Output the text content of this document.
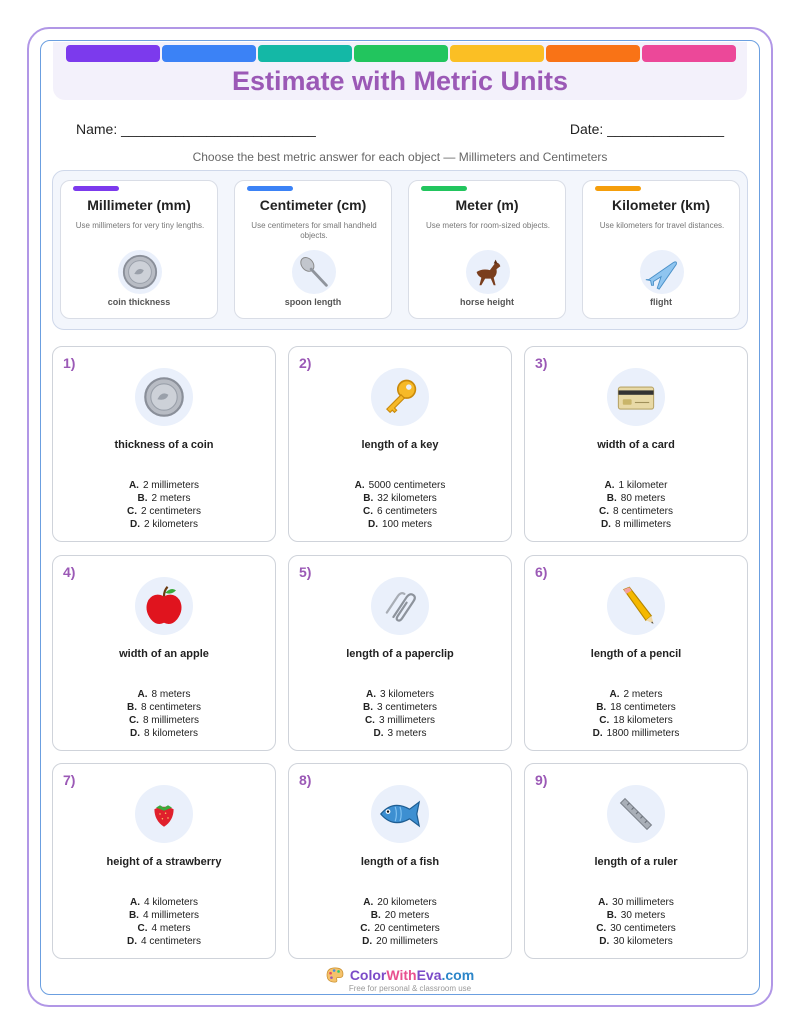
Estimate with Metric Units
Name: _________________________	Date: _______________
Choose the best metric answer for each object — Millimeters and Centimeters
Millimeter (mm)
Use millimeters for very tiny lengths.
coin thickness
Centimeter (cm)
Use centimeters for small handheld objects.
spoon length
Meter (m)
Use meters for room-sized objects.
horse height
Kilometer (km)
Use kilometers for travel distances.
flight
1)
thickness of a coin
A. 2 millimeters
B. 2 meters
C. 2 centimeters
D. 2 kilometers
2)
length of a key
A. 5000 centimeters
B. 32 kilometers
C. 6 centimeters
D. 100 meters
3)
width of a card
A. 1 kilometer
B. 80 meters
C. 8 centimeters
D. 8 millimeters
4)
width of an apple
A. 8 meters
B. 8 centimeters
C. 8 millimeters
D. 8 kilometers
5)
length of a paperclip
A. 3 kilometers
B. 3 centimeters
C. 3 millimeters
D. 3 meters
6)
length of a pencil
A. 2 meters
B. 18 centimeters
C. 18 kilometers
D. 1800 millimeters
7)
height of a strawberry
A. 4 kilometers
B. 4 millimeters
C. 4 meters
D. 4 centimeters
8)
length of a fish
A. 20 kilometers
B. 20 meters
C. 20 centimeters
D. 20 millimeters
9)
length of a ruler
A. 30 millimeters
B. 30 meters
C. 30 centimeters
D. 30 kilometers
ColorWithEva.com
Free for personal & classroom use
